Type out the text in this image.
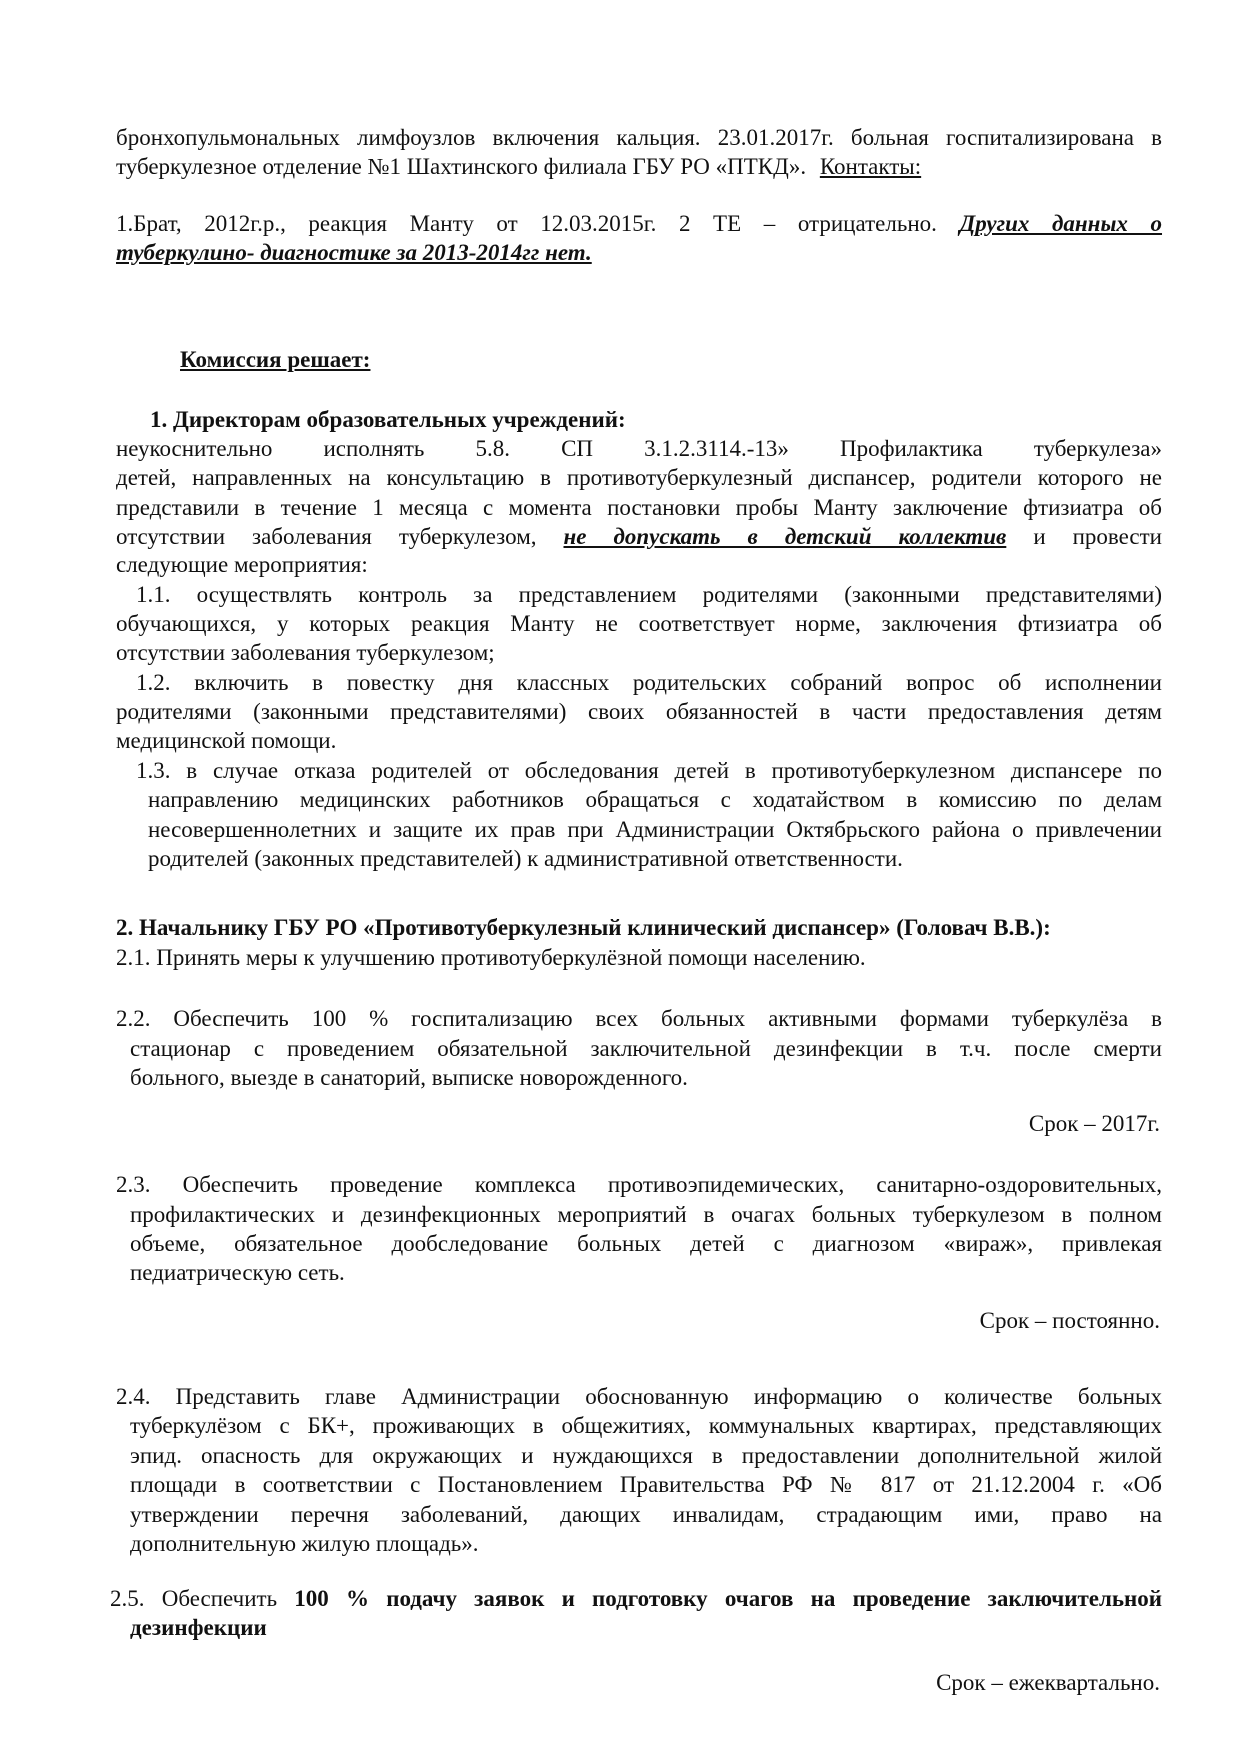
бронхопульмональных лимфоузлов включения кальция. 23.01.2017г. больная госпитализирована в
туберкулезное отделение №1 Шахтинского филиала ГБУ РО «ПТКД». Контакты:
1.Брат, 2012г.р., реакция Манту от 12.03.2015г. 2 ТЕ – отрицательно. Других данных о
туберкулино- диагностике за 2013-2014гг нет.
Комиссия решает:
1. Директорам образовательных учреждений:
неукоснительно исполнять 5.8. СП 3.1.2.3114.-13» Профилактика туберкулеза»
детей, направленных на консультацию в противотуберкулезный диспансер, родители которого не
представили в течение 1 месяца с момента постановки пробы Манту заключение фтизиатра об
отсутствии заболевания туберкулезом, не допускать в детский коллектив и провести
следующие мероприятия:
1.1. осуществлять контроль за представлением родителями (законными представителями)
обучающихся, у которых реакция Манту не соответствует норме, заключения фтизиатра об
отсутствии заболевания туберкулезом;
1.2. включить в повестку дня классных родительских собраний вопрос об исполнении
родителями (законными представителями) своих обязанностей в части предоставления детям
медицинской помощи.
1.3. в случае отказа родителей от обследования детей в противотуберкулезном диспансере по
направлению медицинских работников обращаться с ходатайством в комиссию по делам
несовершеннолетних и защите их прав при Администрации Октябрьского района о привлечении
родителей (законных представителей) к административной ответственности.
2. Начальнику ГБУ РО «Противотуберкулезный клинический диспансер» (Головач В.В.):
2.1. Принять меры к улучшению противотуберкулёзной помощи населению.
2.2. Обеспечить 100 % госпитализацию всех больных активными формами туберкулёза в
стационар с проведением обязательной заключительной дезинфекции в т.ч. после смерти
больного, выезде в санаторий, выписке новорожденного.
Срок – 2017г.
2.3. Обеспечить проведение комплекса противоэпидемических, санитарно-оздоровительных,
профилактических и дезинфекционных мероприятий в очагах больных туберкулезом в полном
объеме, обязательное дообследование больных детей с диагнозом «вираж», привлекая
педиатрическую сеть.
Срок – постоянно.
2.4. Представить главе Администрации обоснованную информацию о количестве больных
туберкулёзом с БК+, проживающих в общежитиях, коммунальных квартирах, представляющих
эпид. опасность для окружающих и нуждающихся в предоставлении дополнительной жилой
площади в соответствии с Постановлением Правительства РФ № 817 от 21.12.2004 г. «Об
утверждении перечня заболеваний, дающих инвалидам, страдающим ими, право на
дополнительную жилую площадь».
2.5. Обеспечить 100 % подачу заявок и подготовку очагов на проведение заключительной
дезинфекции
Срок – ежеквартально.
